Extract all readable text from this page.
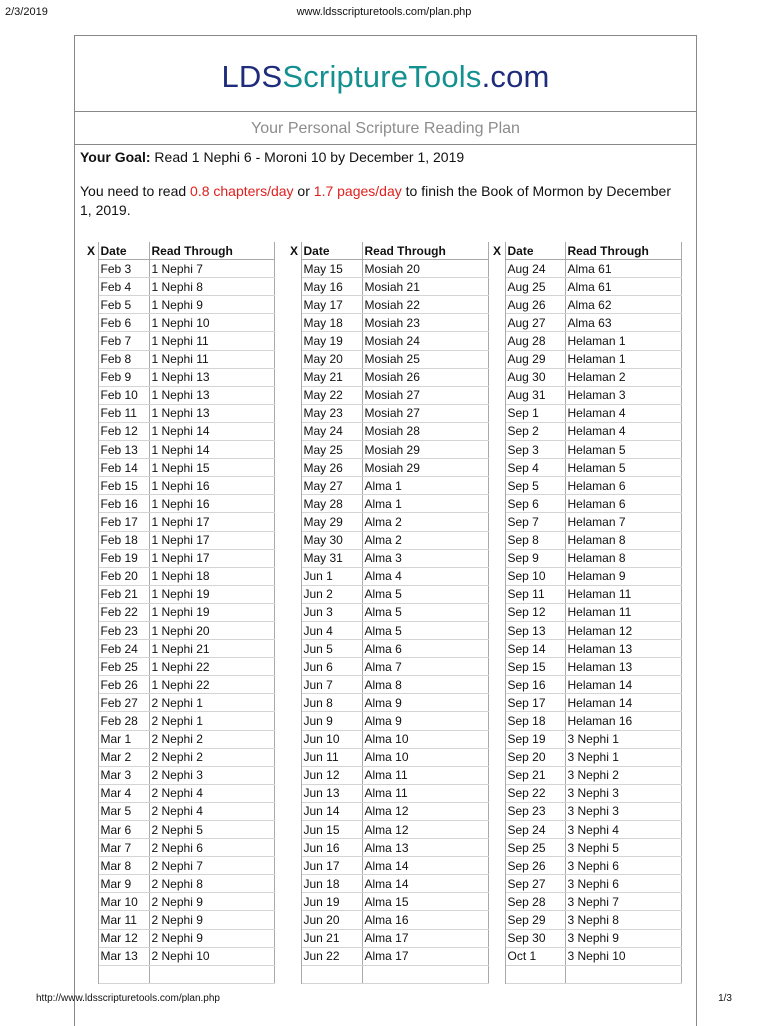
2/3/2019	www.ldsscripturetools.com/plan.php
LDSScriptureTools.com
Your Personal Scripture Reading Plan
Your Goal: Read 1 Nephi 6 - Moroni 10 by December 1, 2019
You need to read 0.8 chapters/day or 1.7 pages/day to finish the Book of Mormon by December 1, 2019.
X	Date	Read Through
	Feb 3	1 Nephi 7
	Feb 4	1 Nephi 8
	Feb 5	1 Nephi 9
	Feb 6	1 Nephi 10
	Feb 7	1 Nephi 11
	Feb 8	1 Nephi 11
	Feb 9	1 Nephi 13
	Feb 10	1 Nephi 13
	Feb 11	1 Nephi 13
	Feb 12	1 Nephi 14
	Feb 13	1 Nephi 14
	Feb 14	1 Nephi 15
	Feb 15	1 Nephi 16
	Feb 16	1 Nephi 16
	Feb 17	1 Nephi 17
	Feb 18	1 Nephi 17
	Feb 19	1 Nephi 17
	Feb 20	1 Nephi 18
	Feb 21	1 Nephi 19
	Feb 22	1 Nephi 19
	Feb 23	1 Nephi 20
	Feb 24	1 Nephi 21
	Feb 25	1 Nephi 22
	Feb 26	1 Nephi 22
	Feb 27	2 Nephi 1
	Feb 28	2 Nephi 1
	Mar 1	2 Nephi 2
	Mar 2	2 Nephi 2
	Mar 3	2 Nephi 3
	Mar 4	2 Nephi 4
	Mar 5	2 Nephi 4
	Mar 6	2 Nephi 5
	Mar 7	2 Nephi 6
	Mar 8	2 Nephi 7
	Mar 9	2 Nephi 8
	Mar 10	2 Nephi 9
	Mar 11	2 Nephi 9
	Mar 12	2 Nephi 9
	Mar 13	2 Nephi 10

X	Date	Read Through
	May 15	Mosiah 20
	May 16	Mosiah 21
	May 17	Mosiah 22
	May 18	Mosiah 23
	May 19	Mosiah 24
	May 20	Mosiah 25
	May 21	Mosiah 26
	May 22	Mosiah 27
	May 23	Mosiah 27
	May 24	Mosiah 28
	May 25	Mosiah 29
	May 26	Mosiah 29
	May 27	Alma 1
	May 28	Alma 1
	May 29	Alma 2
	May 30	Alma 2
	May 31	Alma 3
	Jun 1	Alma 4
	Jun 2	Alma 5
	Jun 3	Alma 5
	Jun 4	Alma 5
	Jun 5	Alma 6
	Jun 6	Alma 7
	Jun 7	Alma 8
	Jun 8	Alma 9
	Jun 9	Alma 9
	Jun 10	Alma 10
	Jun 11	Alma 10
	Jun 12	Alma 11
	Jun 13	Alma 11
	Jun 14	Alma 12
	Jun 15	Alma 12
	Jun 16	Alma 13
	Jun 17	Alma 14
	Jun 18	Alma 14
	Jun 19	Alma 15
	Jun 20	Alma 16
	Jun 21	Alma 17
	Jun 22	Alma 17

X	Date	Read Through
	Aug 24	Alma 61
	Aug 25	Alma 61
	Aug 26	Alma 62
	Aug 27	Alma 63
	Aug 28	Helaman 1
	Aug 29	Helaman 1
	Aug 30	Helaman 2
	Aug 31	Helaman 3
	Sep 1	Helaman 4
	Sep 2	Helaman 4
	Sep 3	Helaman 5
	Sep 4	Helaman 5
	Sep 5	Helaman 6
	Sep 6	Helaman 6
	Sep 7	Helaman 7
	Sep 8	Helaman 8
	Sep 9	Helaman 8
	Sep 10	Helaman 9
	Sep 11	Helaman 11
	Sep 12	Helaman 11
	Sep 13	Helaman 12
	Sep 14	Helaman 13
	Sep 15	Helaman 13
	Sep 16	Helaman 14
	Sep 17	Helaman 14
	Sep 18	Helaman 16
	Sep 19	3 Nephi 1
	Sep 20	3 Nephi 1
	Sep 21	3 Nephi 2
	Sep 22	3 Nephi 3
	Sep 23	3 Nephi 3
	Sep 24	3 Nephi 4
	Sep 25	3 Nephi 5
	Sep 26	3 Nephi 6
	Sep 27	3 Nephi 6
	Sep 28	3 Nephi 7
	Sep 29	3 Nephi 8
	Sep 30	3 Nephi 9
	Oct 1	3 Nephi 10

http://www.ldsscripturetools.com/plan.php	1/3
